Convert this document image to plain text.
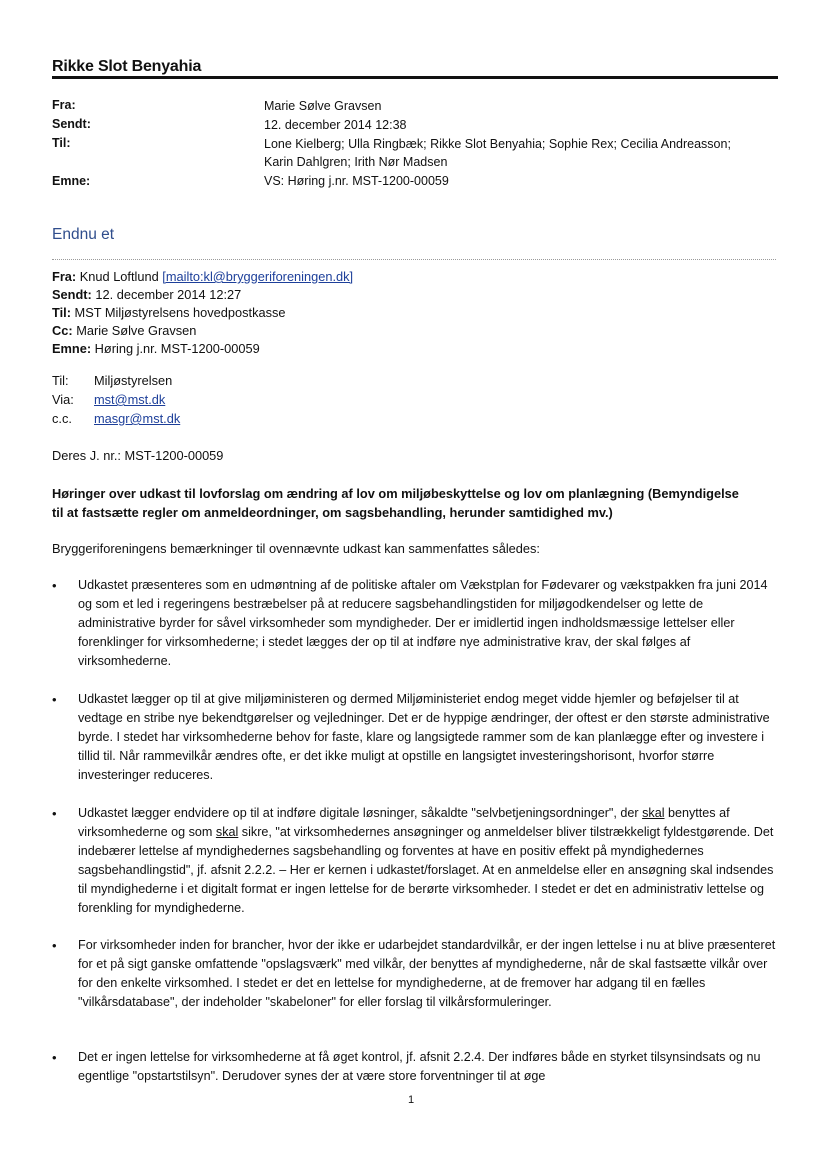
Rikke Slot Benyahia
Fra:	Marie Sølve Gravsen
Sendt:	12. december 2014 12:38
Til:	Lone Kielberg; Ulla Ringbæk; Rikke Slot Benyahia; Sophie Rex; Cecilia Andreasson;
Karin Dahlgren; Irith Nør Madsen
Emne:	VS: Høring j.nr. MST-1200-00059
Endnu et
Fra: Knud Loftlund [mailto:kl@bryggeriforeningen.dk]
Sendt: 12. december 2014 12:27
Til: MST Miljøstyrelsens hovedpostkasse
Cc: Marie Sølve Gravsen
Emne: Høring j.nr. MST-1200-00059
Til: Miljøstyrelsen
Via: mst@mst.dk
c.c. masgr@mst.dk
Deres J. nr.: MST-1200-00059
Høringer over udkast til lovforslag om ændring af lov om miljøbeskyttelse og lov om planlægning (Bemyndigelse
til at fastsætte regler om anmeldeordninger, om sagsbehandling, herunder samtidighed mv.)
Bryggeriforeningens bemærkninger til ovennævnte udkast kan sammenfattes således:
•	Udkastet præsenteres som en udmøntning af de politiske aftaler om Vækstplan for Fødevarer og vækstpakken fra juni 2014 og som et led i regeringens bestræbelser på at reducere sagsbehandlingstiden for miljøgodkendelser og lette de administrative byrder for såvel virksomheder som myndigheder. Der er imidlertid ingen indholdsmæssige lettelser eller forenklinger for virksomhederne; i stedet lægges der op til at indføre nye administrative krav, der skal følges af virksomhederne.
•	Udkastet lægger op til at give miljøministeren og dermed Miljøministeriet endog meget vidde hjemler og beføjelser til at vedtage en stribe nye bekendtgørelser og vejledninger. Det er de hyppige ændringer, der oftest er den største administrative byrde. I stedet har virksomhederne behov for faste, klare og langsigtede rammer som de kan planlægge efter og investere i tillid til. Når rammevilkår ændres ofte, er det ikke muligt at opstille en langsigtet investeringshorisont, hvorfor større investeringer reduceres.
•	Udkastet lægger endvidere op til at indføre digitale løsninger, såkaldte "selvbetjeningsordninger", der skal benyttes af virksomhederne og som skal sikre, "at virksomhedernes ansøgninger og anmeldelser bliver tilstrækkeligt fyldestgørende. Det indebærer lettelse af myndighedernes sagsbehandling og forventes at have en positiv effekt på myndighedernes sagsbehandlingstid", jf. afsnit 2.2.2. – Her er kernen i udkastet/forslaget. At en anmeldelse eller en ansøgning skal indsendes til myndighederne i et digitalt format er ingen lettelse for de berørte virksomheder. I stedet er det en administrativ lettelse og forenkling for myndighederne.
•	For virksomheder inden for brancher, hvor der ikke er udarbejdet standardvilkår, er der ingen lettelse i nu at blive præsenteret for et på sigt ganske omfattende "opslagsværk" med vilkår, der benyttes af myndighederne, når de skal fastsætte vilkår over for den enkelte virksomhed. I stedet er det en lettelse for myndighederne, at de fremover har adgang til en fælles "vilkårsdatabase", der indeholder "skabeloner" for eller forslag til vilkårsformuleringer.
•	Det er ingen lettelse for virksomhederne at få øget kontrol, jf. afsnit 2.2.4. Der indføres både en styrket tilsynsindsats og nu egentlige "opstartstilsyn". Derudover synes der at være store forventninger til at øge
1
